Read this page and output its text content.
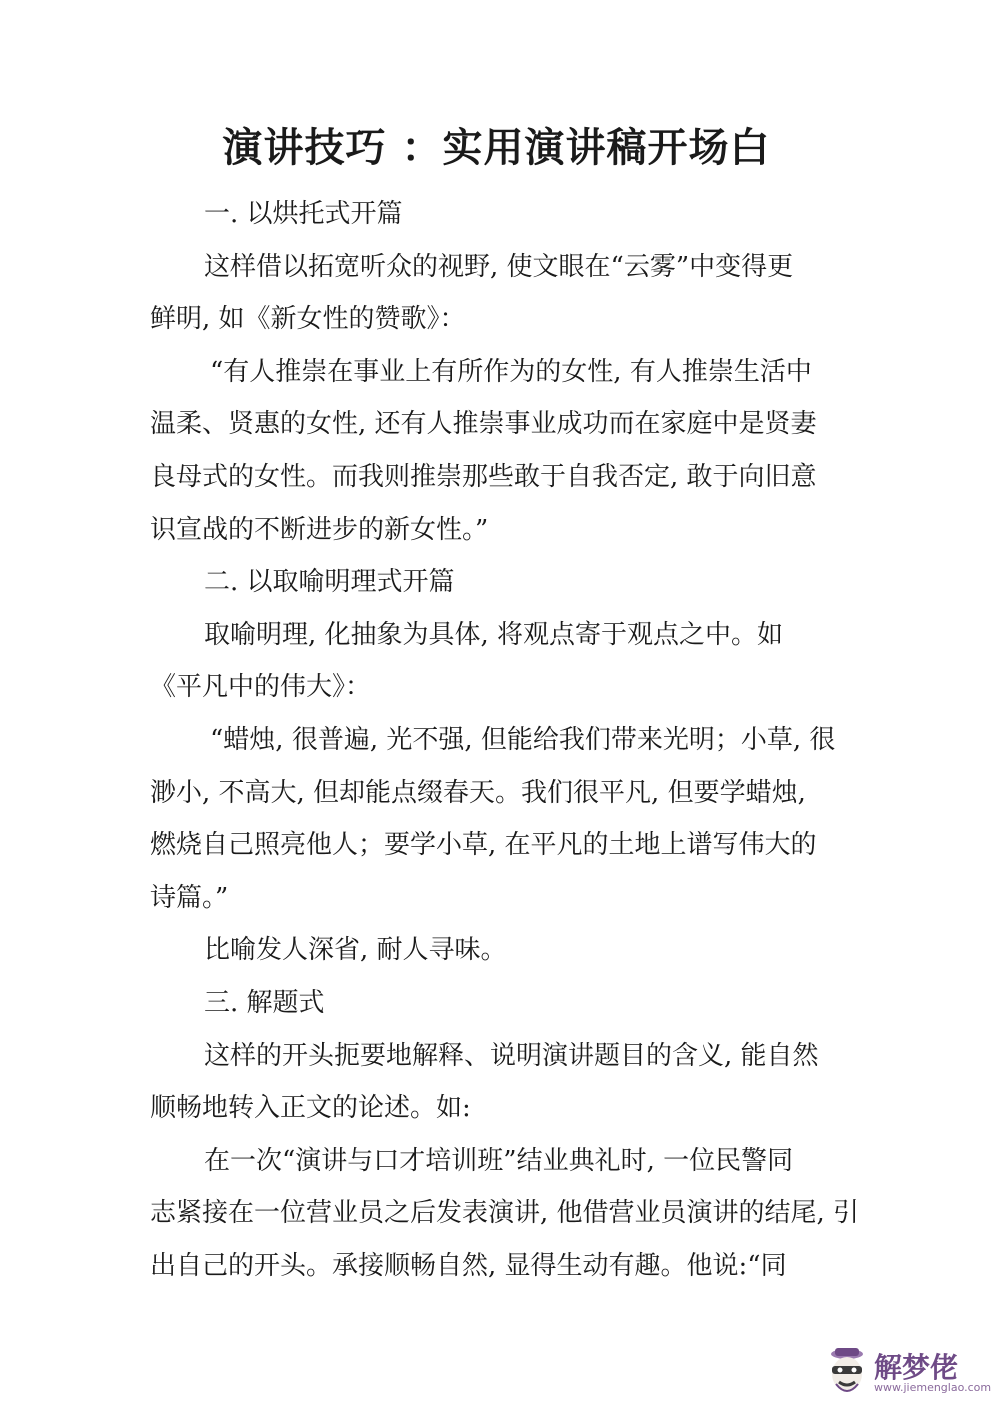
演讲技巧 ：实用演讲稿开场白
一. 以烘托式开篇
这样借以拓宽听众的视野, 使文眼在“云雾”中变得更
鲜明, 如《新女性的赞歌》：
“有人推崇在事业上有所作为的女性, 有人推崇生活中
温柔、贤惠的女性, 还有人推崇事业成功而在家庭中是贤妻
良母式的女性。而我则推崇那些敢于自我否定, 敢于向旧意
识宣战的不断进步的新女性。”
二. 以取喻明理式开篇
取喻明理, 化抽象为具体, 将观点寄于观点之中。如
《平凡中的伟大》：
“蜡烛, 很普遍, 光不强, 但能给我们带来光明；小草, 很
渺小, 不高大, 但却能点缀春天。我们很平凡, 但要学蜡烛,
燃烧自己照亮他人；要学小草, 在平凡的土地上谱写伟大的
诗篇。”
比喻发人深省, 耐人寻味。
三. 解题式
这样的开头扼要地解释、说明演讲题目的含义, 能自然
顺畅地转入正文的论述。如:
在一次“演讲与口才培训班”结业典礼时, 一位民警同
志紧接在一位营业员之后发表演讲, 他借营业员演讲的结尾, 引
出自己的开头。承接顺畅自然, 显得生动有趣。他说:“同
解梦佬
www.jiemenglao.com
